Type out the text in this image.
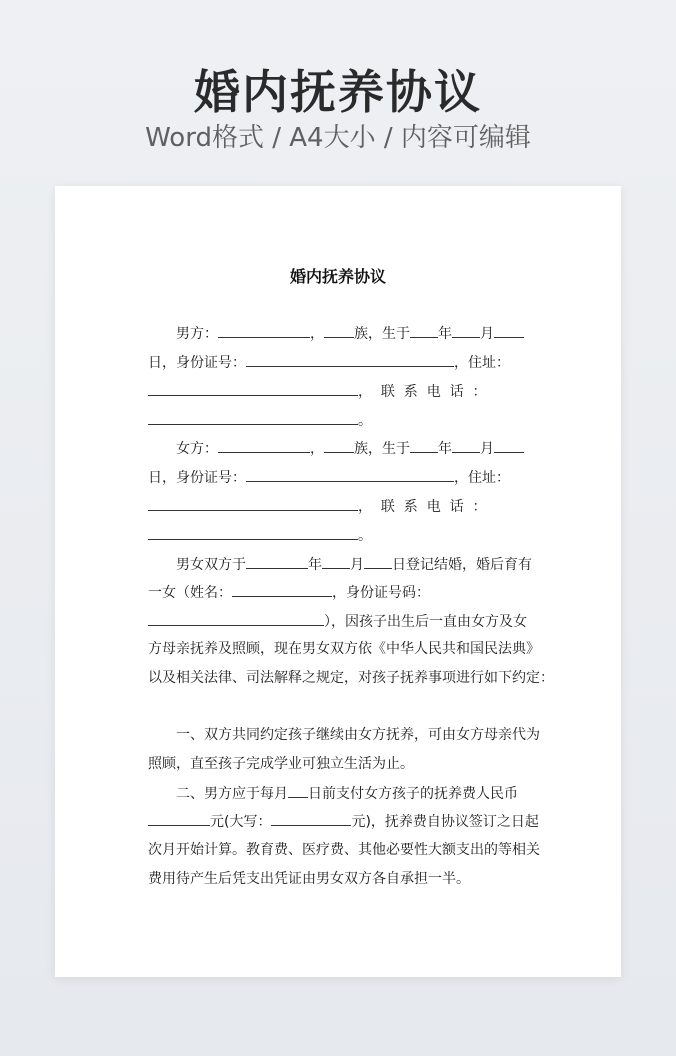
婚内抚养协议
Word格式 / A4大小 / 内容可编辑
婚内抚养协议
男方：	， 族，生于 年 月
日，身份证号：	，住址：
，  联  系  电  话  ：
。
女方：	， 族，生于 年 月
日，身份证号：	，住址：
，  联  系  电  话  ：
。
男女双方于	年 月 日登记结婚，婚后育有
一女（姓名：	，身份证号码：
），因孩子出生后一直由女方及女
方母亲抚养及照顾，现在男女双方依《中华人民共和国民法典》
以及相关法律、司法解释之规定，对孩子抚养事项进行如下约定：
一、双方共同约定孩子继续由女方抚养，可由女方母亲代为
照顾，直至孩子完成学业可独立生活为止。
二、男方应于每月 日前支付女方孩子的抚养费人民币
元(大写：	元)，抚养费自协议签订之日起
次月开始计算。教育费、医疗费、其他必要性大额支出的等相关
费用待产生后凭支出凭证由男女双方各自承担一半。
